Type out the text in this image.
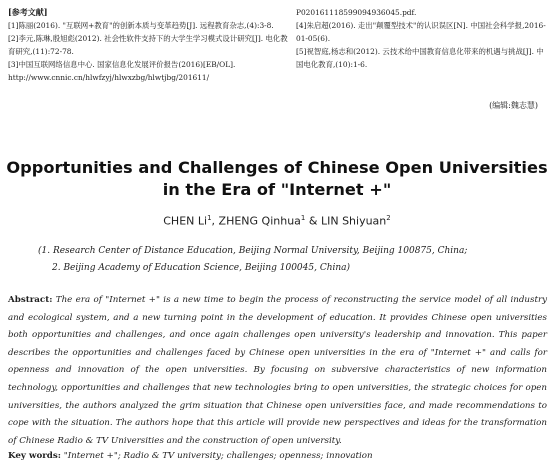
[参考文献]
[1]陈丽(2016). "互联网+教育"的创新本质与变革趋势[J]. 远程教育杂志,(4):3-8.
[2]李元,陈琳,殷旭彪(2012). 社会性软件支持下的大学生学习模式设计研究[J]. 电化教育研究,(11):72-78.
[3]中国互联网络信息中心. 国家信息化发展评价报告(2016)[EB/OL]. http://www.cnnic.cn/hlwfzyj/hlwxzbg/hlwtjbg/201611/
P020161118599094936045.pdf.
[4]朱启超(2016). 走出"颠覆型技术"的认识误区[N]. 中国社会科学报,2016-01-05(6).
[5]祝智庭,杨志和(2012). 云技术给中国教育信息化带来的机遇与挑战[J]. 中国电化教育,(10):1-6.
(编辑:魏志慧)
Opportunities and Challenges of Chinese Open Universities
in the Era of "Internet +"
CHEN Li$^1$, ZHENG Qinhua$^1$ & LIN Shiyuan$^2$
(1. Research Center of Distance Education, Beijing Normal University, Beijing 100875, China;
2. Beijing Academy of Education Science, Beijing 100045, China)
Abstract: The era of "Internet +" is a new time to begin the process of reconstructing the service model of all industry and ecological system, and a new turning point in the development of education. It provides Chinese open universities both opportunities and challenges, and once again challenges open university's leadership and innovation. This paper describes the opportunities and challenges faced by Chinese open universities in the era of "Internet +" and calls for openness and innovation of the open universities. By focusing on subversive characteristics of new information technology, opportunities and challenges that new technologies bring to open universities, the strategic choices for open universities, the authors analyzed the grim situation that Chinese open universities face, and made recommendations to cope with the situation. The authors hope that this article will provide new perspectives and ideas for the transformation of Chinese Radio & TV Universities and the construction of open university.
Key words: "Internet +"; Radio & TV university; challenges; openness; innovation
